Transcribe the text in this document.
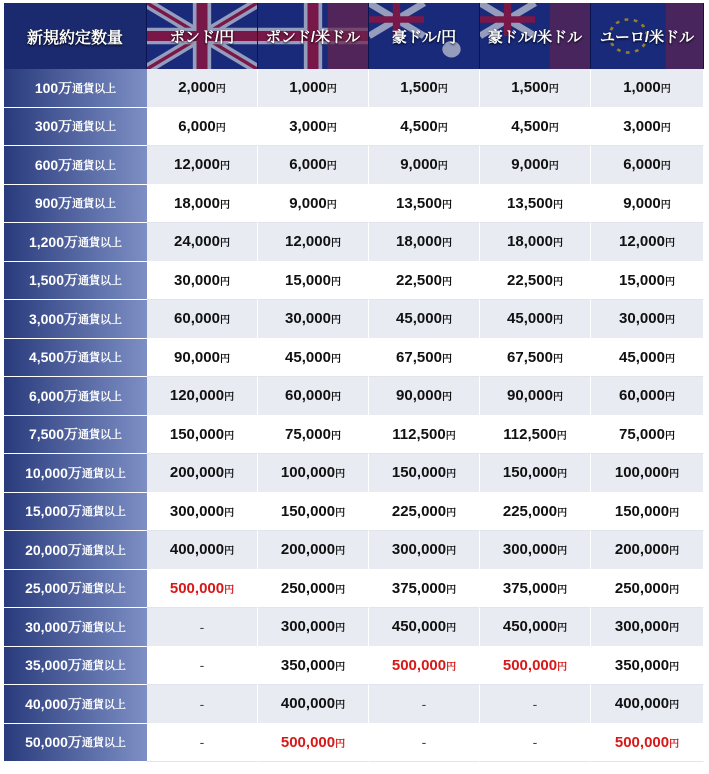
新規約定数量	ポンド/円 ポンド/米ドル 豪ドル/円 豪ドル/米ドル ユーロ/米ドル
100万 通貨以上	2,000 円	1,000 円	1,500 円	1,500 円	1,000 円
300万 通貨以上	6,000 円	3,000 円	4,500 円	4,500 円	3,000 円
600万 通貨以上	12,000 円	6,000 円	9,000 円	9,000 円	6,000 円
900万 通貨以上	18,000 円	9,000 円	13,500 円	13,500 円	9,000 円
1,200万 通貨以上	24,000 円	12,000 円	18,000 円	18,000 円	12,000 円
1,500万 通貨以上	30,000 円	15,000 円	22,500 円	22,500 円	15,000 円
3,000万 通貨以上	60,000 円	30,000 円	45,000 円	45,000 円	30,000 円
4,500万 通貨以上	90,000 円	45,000 円	67,500 円	67,500 円	45,000 円
6,000万 通貨以上	120,000 円	60,000 円	90,000 円	90,000 円	60,000 円
7,500万 通貨以上	150,000 円	75,000 円	112,500 円	112,500 円	75,000 円
10,000万 通貨以上	200,000 円	100,000 円	150,000 円	150,000 円	100,000 円
15,000万 通貨以上	300,000 円	150,000 円	225,000 円	225,000 円	150,000 円
20,000万 通貨以上	400,000 円	200,000 円	300,000 円	300,000 円	200,000 円
25,000万 通貨以上	500,000 円	250,000 円	375,000 円	375,000 円	250,000 円
30,000万 通貨以上	-	300,000 円	450,000 円	450,000 円	300,000 円
35,000万 通貨以上	-	350,000 円	500,000 円	500,000 円	350,000 円
40,000万 通貨以上	-	400,000 円	-	-	400,000 円
50,000万 通貨以上	-	500,000 円	-	-	500,000 円
